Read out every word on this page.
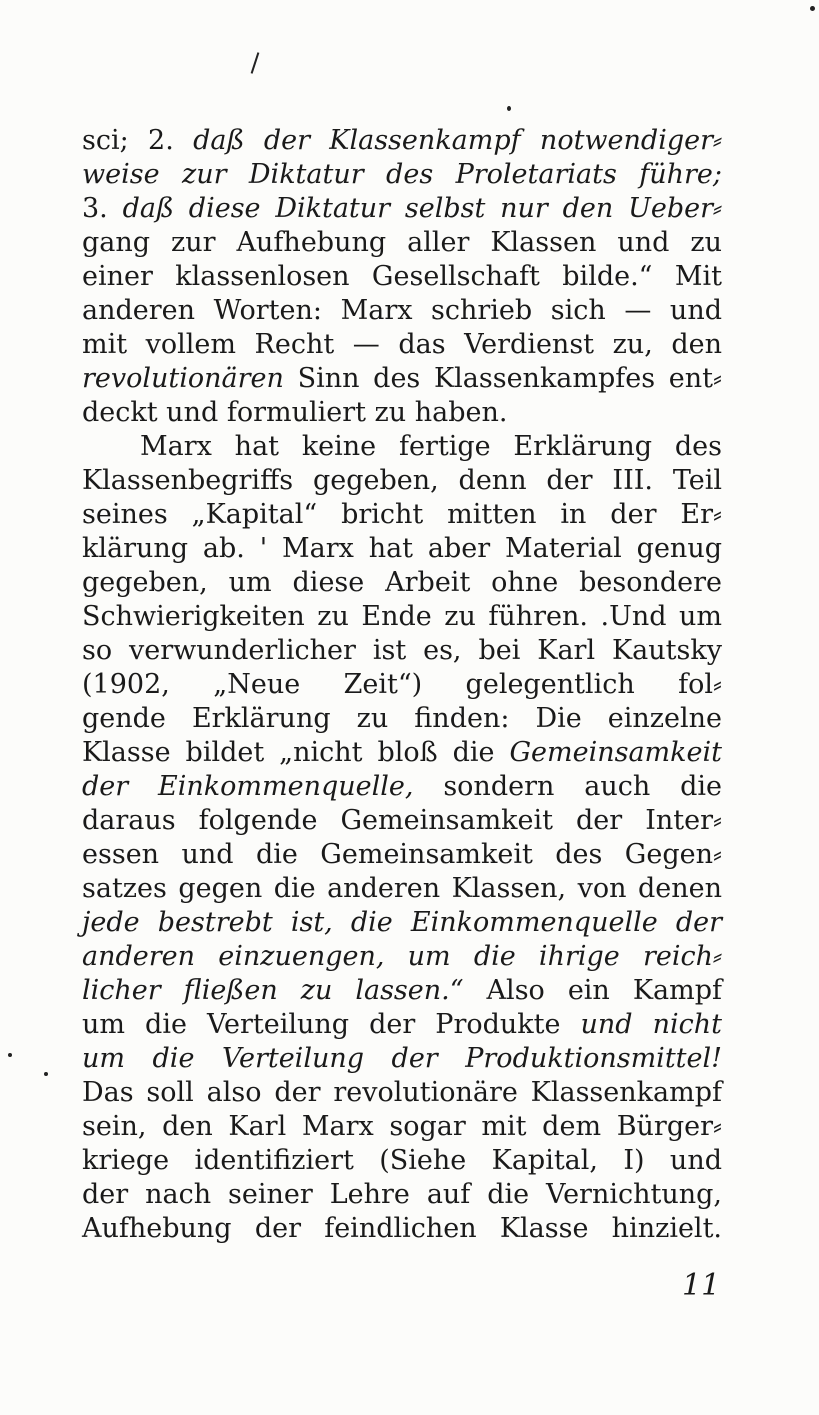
sci; 2. daß der Klassenkampf notwendiger⸗
weise zur Diktatur des Proletariats führe;
3. daß diese Diktatur selbst nur den Ueber⸗
gang zur Aufhebung aller Klassen und zu
einer klassenlosen Gesellschaft bilde.“ Mit
anderen Worten: Marx schrieb sich — und
mit vollem Recht — das Verdienst zu, den
revolutionären Sinn des Klassenkampfes ent⸗
deckt und formuliert zu haben.
Marx hat keine fertige Erklärung des
Klassenbegriffs gegeben, denn der III. Teil
seines „Kapital“ bricht mitten in der Er⸗
klärung ab. ' Marx hat aber Material genug
gegeben, um diese Arbeit ohne besondere
Schwierigkeiten zu Ende zu führen. .Und um
so verwunderlicher ist es, bei Karl Kautsky
(1902, „Neue Zeit“) gelegentlich fol⸗
gende Erklärung zu finden: Die einzelne
Klasse bildet „nicht bloß die Gemeinsamkeit
der Einkommenquelle, sondern auch die
daraus folgende Gemeinsamkeit der Inter⸗
essen und die Gemeinsamkeit des Gegen⸗
satzes gegen die anderen Klassen, von denen
jede bestrebt ist, die Einkommenquelle der
anderen einzuengen, um die ihrige reich⸗
licher fließen zu lassen.“ Also ein Kampf
um die Verteilung der Produkte und nicht
um die Verteilung der Produktionsmittel!
Das soll also der revolutionäre Klassenkampf
sein, den Karl Marx sogar mit dem Bürger⸗
kriege identifiziert (Siehe Kapital, I) und
der nach seiner Lehre auf die Vernichtung,
Aufhebung der feindlichen Klasse hinzielt.
11
